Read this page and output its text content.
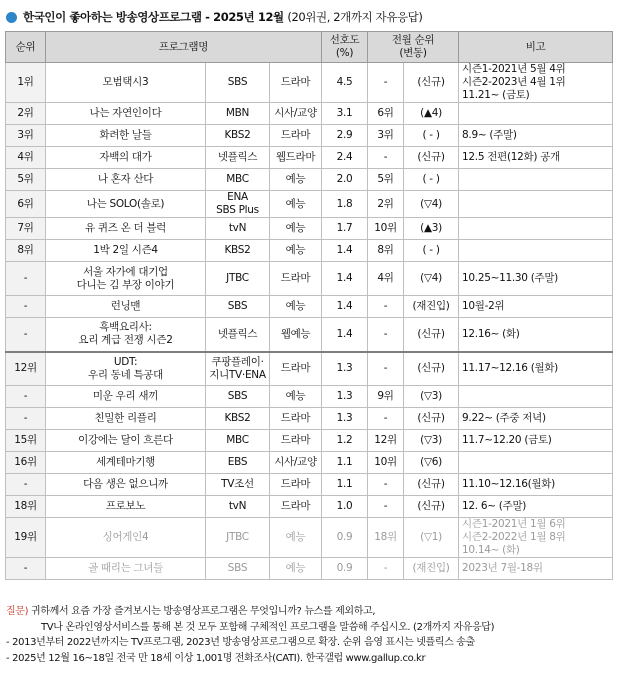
한국인이 좋아하는 방송영상프로그램 - 2025년 12월 (20위권, 2개까지 자유응답)
순위	프로그램명			선호도
(%)	전월 순위
(변동)		비고
1위	모범택시3	SBS	드라마	4.5	-	(신규)	시즌1-2021년 5월 4위
시즌2-2023년 4월 1위
11.21~ (금토)
2위	나는 자연인이다	MBN	시사/교양	3.1	6위	(▲4)	
3위	화려한 날들	KBS2	드라마	2.9	3위	( - )	8.9~ (주말)
4위	자백의 대가	넷플릭스	웹드라마	2.4	-	(신규)	12.5 전편(12화) 공개
5위	나 혼자 산다	MBC	예능	2.0	5위	( - )	
6위	나는 SOLO(솔로)	ENA
SBS Plus	예능	1.8	2위	(▽4)	
7위	유 퀴즈 온 더 블럭	tvN	예능	1.7	10위	(▲3)	
8위	1박 2일 시즌4	KBS2	예능	1.4	8위	( - )	
-	서울 자가에 대기업
다니는 김 부장 이야기	JTBC	드라마	1.4	4위	(▽4)	10.25~11.30 (주말)
-	런닝맨	SBS	예능	1.4	-	(재진입)	10월-2위
-	흑백요리사:
요리 계급 전쟁 시즌2	넷플릭스	웹예능	1.4	-	(신규)	12.16~ (화)
12위	UDT:
우리 동네 특공대	쿠팡플레이·
지니TV·ENA	드라마	1.3	-	(신규)	11.17~12.16 (월화)
-	미운 우리 새끼	SBS	예능	1.3	9위	(▽3)	
-	친밀한 리플리	KBS2	드라마	1.3	-	(신규)	9.22~ (주중 저녁)
15위	이강에는 달이 흐른다	MBC	드라마	1.2	12위	(▽3)	11.7~12.20 (금토)
16위	세계테마기행	EBS	시사/교양	1.1	10위	(▽6)	
-	다음 생은 없으니까	TV조선	드라마	1.1	-	(신규)	11.10~12.16(월화)
18위	프로보노	tvN	드라마	1.0	-	(신규)	12. 6~ (주말)
19위	싱어게인4	JTBC	예능	0.9	18위	(▽1)	시즌1-2021년 1월 6위
시즌2-2022년 1월 8위
10.14~ (화)
-	골 때리는 그녀들	SBS	예능	0.9	-	(재진입)	2023년 7월-18위
질문) 귀하께서 요즘 가장 즐겨보시는 방송영상프로그램은 무엇입니까? 뉴스를 제외하고,
TV나 온라인영상서비스를 통해 본 것 모두 포함해 구체적인 프로그램을 말씀해 주십시오. (2개까지 자유응답)
- 2013년부터 2022년까지는 TV프로그램, 2023년 방송영상프로그램으로 확장. 순위 음영 표시는 넷플릭스 송출
- 2025년 12월 16~18일 전국 만 18세 이상 1,001명 전화조사(CATI). 한국갤럽 www.gallup.co.kr
